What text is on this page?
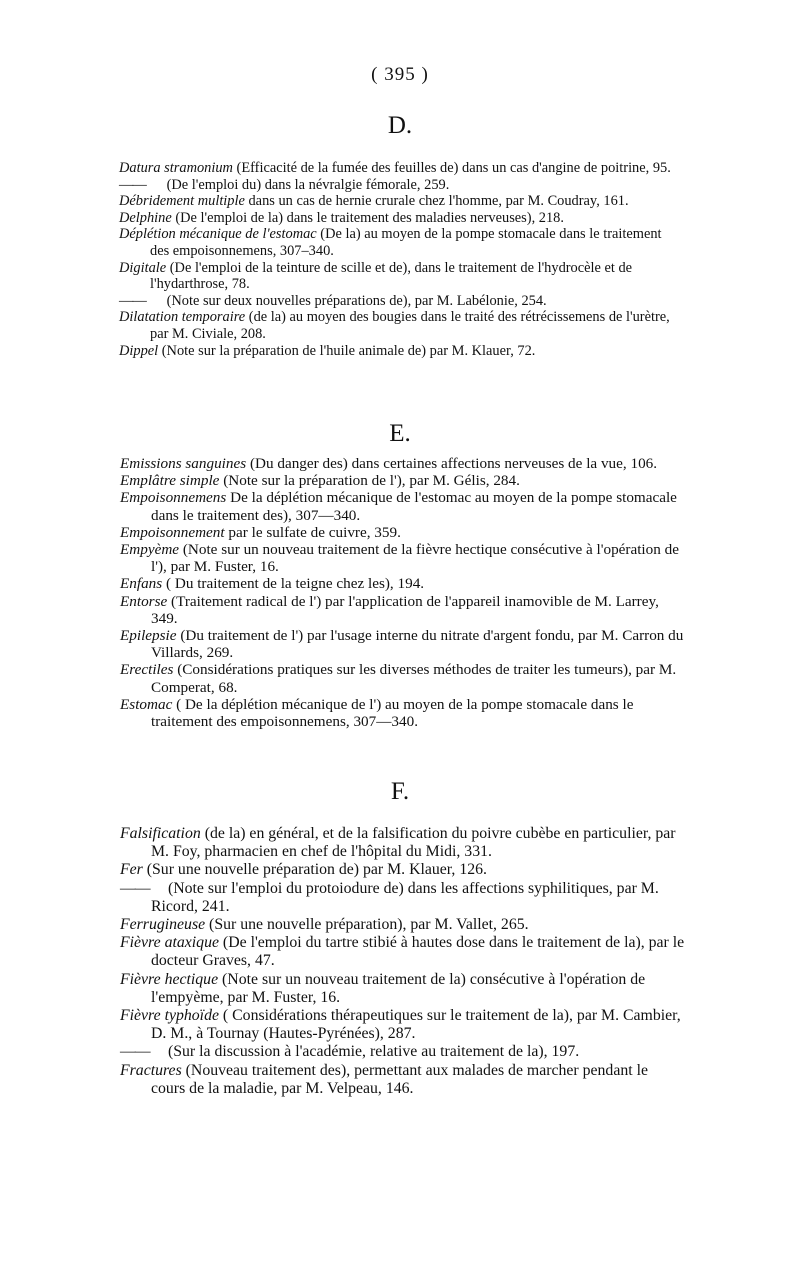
( 395 )
D.

Datura stramonium (Efficacité de la fumée des feuilles de) dans un cas d'angine de poitrine, 95.

—— (De l'emploi du) dans la névralgie fémorale, 259.

Débridement multiple dans un cas de hernie crurale chez l'homme, par M. Coudray, 161.

Delphine (De l'emploi de la) dans le traitement des maladies nerveuses), 218.

Déplétion mécanique de l'estomac (De la) au moyen de la pompe stomacale dans le traitement des empoisonnemens, 307–340.

Digitale (De l'emploi de la teinture de scille et de), dans le traitement de l'hydrocèle et de l'hydarthrose, 78.

—— (Note sur deux nouvelles préparations de), par M. Labélonie, 254.

Dilatation temporaire (de la) au moyen des bougies dans le traité des rétrécissemens de l'urètre, par M. Civiale, 208.

Dippel (Note sur la préparation de l'huile animale de) par M. Klauer, 72.

E.

Emissions sanguines (Du danger des) dans certaines affections nerveuses de la vue, 106.

Emplâtre simple (Note sur la préparation de l'), par M. Gélis, 284.

Empoisonnemens De la déplétion mécanique de l'estomac au moyen de la pompe stomacale dans le traitement des), 307—340.

Empoisonnement par le sulfate de cuivre, 359.

Empyème (Note sur un nouveau traitement de la fièvre hectique consécutive à l'opération de l'), par M. Fuster, 16.

Enfans ( Du traitement de la teigne chez les), 194.

Entorse (Traitement radical de l') par l'application de l'appareil inamovible de M. Larrey, 349.

Epilepsie (Du traitement de l') par l'usage interne du nitrate d'argent fondu, par M. Carron du Villards, 269.

Erectiles (Considérations pratiques sur les diverses méthodes de traiter les tumeurs), par M. Comperat, 68.

Estomac ( De la déplétion mécanique de l') au moyen de la pompe stomacale dans le traitement des empoisonnemens, 307—340.

F.

Falsification (de la) en général, et de la falsification du poivre cubèbe en particulier, par M. Foy, pharmacien en chef de l'hôpital du Midi, 331.

Fer (Sur une nouvelle préparation de) par M. Klauer, 126.

—— (Note sur l'emploi du protoiodure de) dans les affections syphilitiques, par M. Ricord, 241.

Ferrugineuse (Sur une nouvelle préparation), par M. Vallet, 265.

Fièvre ataxique (De l'emploi du tartre stibié à hautes dose dans le traitement de la), par le docteur Graves, 47.

Fièvre hectique (Note sur un nouveau traitement de la) consécutive à l'opération de l'empyème, par M. Fuster, 16.

Fièvre typhoïde ( Considérations thérapeutiques sur le traitement de la), par M. Cambier, D. M., à Tournay (Hautes-Pyrénées), 287.

—— (Sur la discussion à l'académie, relative au traitement de la), 197.

Fractures (Nouveau traitement des), permettant aux malades de marcher pendant le cours de la maladie, par M. Velpeau, 146.
